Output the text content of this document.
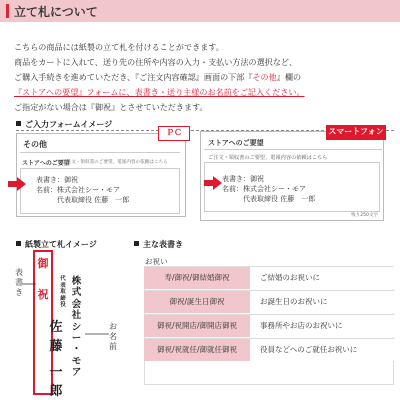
立て札について
こちらの商品には紙製の立て札を付けることができます。
商品をカートに入れて、送り先の住所や内容の入力・支払い方法の選択など、
ご購入手続きを進めていただき、『ご注文内容確認』画面の下部『その他』欄の
『ストアへの要望』フォームに、表書き・送り主様のお名前をご記入ください。
ご指定がない場合は『御祝』とさせていただきます。
ご入力フォームイメージ
その他
ストアへのご要望
ご注文・領収書のご要望、電報内容の依頼はこちら
表書き：御祝
名前：株式会社シー・モア
　　　代表取締役 佐藤　一郎
ＰＣ
ストアへのご要望
ご注文・領収書のご要望、電報内容の依頼はこちら
表書き：御祝
名前：株式会社シー・モア
　　　代表取締役 佐藤　一郎
残り250文字
スマートフォン
紙製立て札イメージ
御
祝
代
表
取
締
役
株
式
会
社
シ
ー
・
モ
ア
佐
藤
一
郎
表
書
き
お
名
前
主な表書き
お祝い
寿/御祝/御結婚御祝	ご結婚のお祝いに
御祝/誕生日御祝	お誕生日のお祝いに
御祝/祝開店/御開店御祝	事務所やお店のお祝いに
御祝/祝就任/御就任御祝	役員などへのご就任お祝いに
